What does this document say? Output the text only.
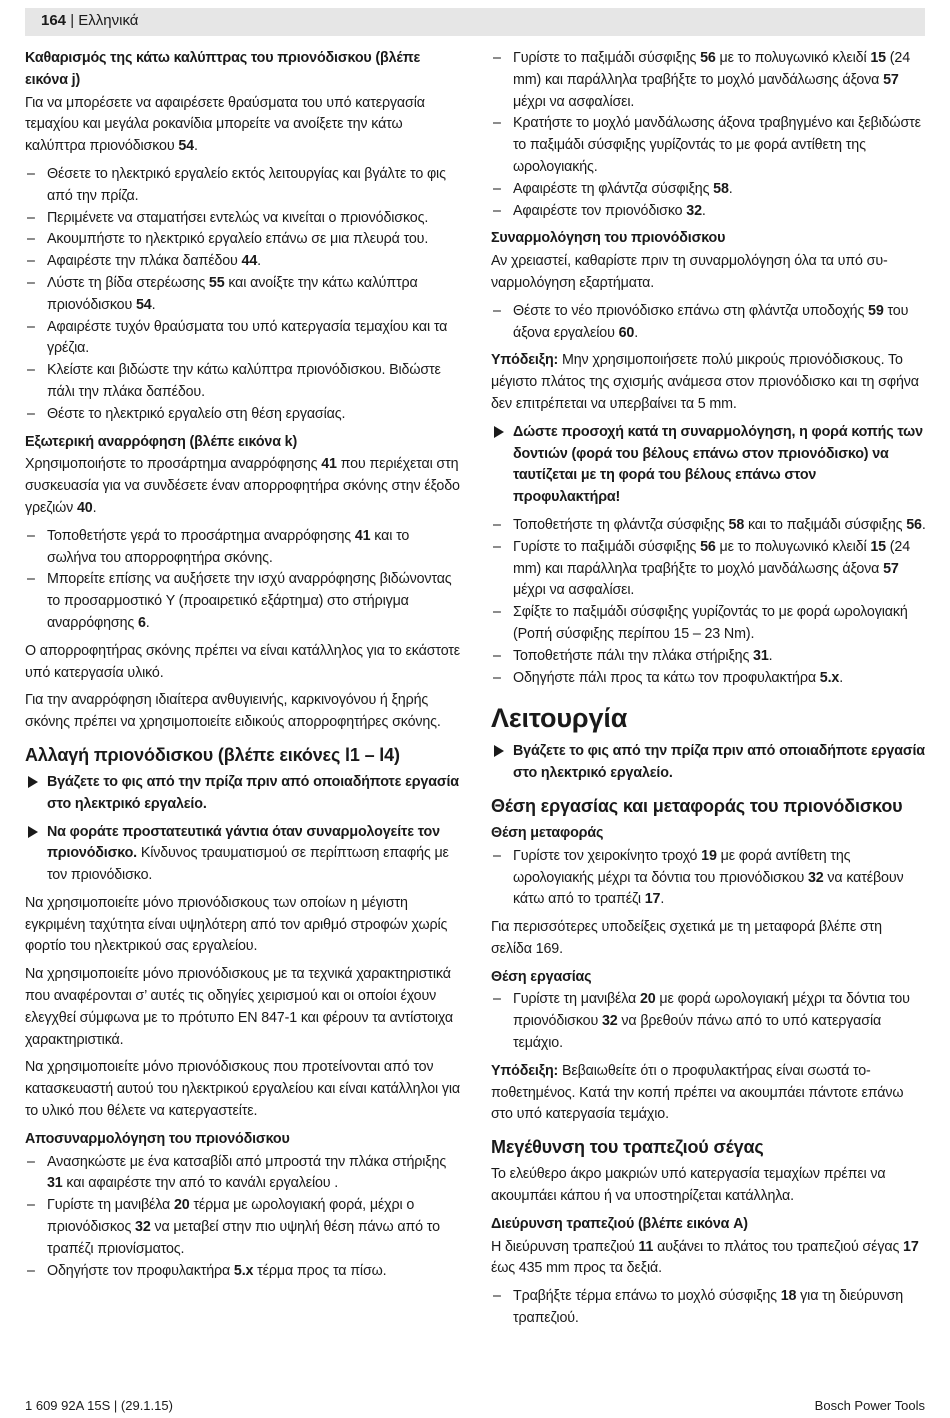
164 | Ελληνικά

Καθαρισμός της κάτω καλύπτρας του πριονόδισκου (βλέπε εικόνα j)

Για να μπορέσετε να αφαιρέσετε θραύσματα του υπό κατεργασία τεμαχίου και μεγάλα ροκανίδια μπορείτε να ανοίξετε την κάτω καλύπτρα πριονόδισκου 54.

– Θέσετε το ηλεκτρικό εργαλείο εκτός λειτουργίας και βγάλτε το φις από την πρίζα.
– Περιμένετε να σταματήσει εντελώς να κινείται ο πριονόδισκος.
– Ακουμπήστε το ηλεκτρικό εργαλείο επάνω σε μια πλευρά του.
– Αφαιρέστε την πλάκα δαπέδου 44.
– Λύστε τη βίδα στερέωσης 55 και ανοίξτε την κάτω καλύπτρα πριονόδισκου 54.
– Αφαιρέστε τυχόν θραύσματα του υπό κατεργασία τεμαχίου και τα γρέζια.
– Κλείστε και βιδώστε την κάτω καλύπτρα πριονόδισκου. Βιδώστε πάλι την πλάκα δαπέδου.
– Θέστε το ηλεκτρικό εργαλείο στη θέση εργασίας.

Εξωτερική αναρρόφηση (βλέπε εικόνα k)

Χρησιμοποιήστε το προσάρτημα αναρρόφησης 41 που περιέχεται στη συσκευασία για να συνδέσετε έναν απορροφητήρα σκόνης στην έξοδο γρεζιών 40.

– Τοποθετήστε γερά το προσάρτημα αναρρόφησης 41 και το σωλήνα του απορροφητήρα σκόνης.
– Μπορείτε επίσης να αυξήσετε την ισχύ αναρρόφησης βιδώνοντας το προσαρμοστικό Y (προαιρετικό εξάρτημα) στο στήριγμα αναρρόφησης 6.

Ο απορροφητήρας σκόνης πρέπει να είναι κατάλληλος για το εκάστοτε υπό κατεργασία υλικό.

Για την αναρρόφηση ιδιαίτερα ανθυγιεινής, καρκινογόνου ή ξηρής σκόνης πρέπει να χρησιμοποιείτε ειδικούς απορροφητήρες σκόνης.

Αλλαγή πριονόδισκου (βλέπε εικόνες l1 – l4)

Βγάζετε το φις από την πρίζα πριν από οποιαδήποτε εργασία στο ηλεκτρικό εργαλείο.
Να φοράτε προστατευτικά γάντια όταν συναρμολογείτε τον πριονόδισκο. Κίνδυνος τραυματισμού σε περίπτωση επαφής με τον πριονόδισκο.

Να χρησιμοποιείτε μόνο πριονόδισκους των οποίων η μέγιστη εγκριμένη ταχύτητα είναι υψηλότερη από τον αριθμό στροφών χωρίς φορτίο του ηλεκτρικού σας εργαλείου.

Να χρησιμοποιείτε μόνο πριονόδισκους με τα τεχνικά χαρακτηριστικά που αναφέρονται σ’ αυτές τις οδηγίες χειρισμού και οι οποίοι έχουν ελεγχθεί σύμφωνα με το πρότυπο EN 847-1 και φέρουν τα αντίστοιχα χαρακτηριστικά.

Να χρησιμοποιείτε μόνο πριονόδισκους που προτείνονται από τον κατασκευαστή αυτού του ηλεκτρικού εργαλείου και είναι κατάλληλοι για το υλικό που θέλετε να κατεργαστείτε.

Αποσυναρμολόγηση του πριονόδισκου

– Ανασηκώστε με ένα κατσαβίδι από μπροστά την πλάκα στήριξης 31 και αφαιρέστε την από το κανάλι εργαλείου .
– Γυρίστε τη μανιβέλα 20 τέρμα με ωρολογιακή φορά, μέχρι ο πριονόδισκος 32 να μεταβεί στην πιο υψηλή θέση πάνω από το τραπέζι πριονίσματος.
– Οδηγήστε τον προφυλακτήρα 5.x τέρμα προς τα πίσω.
– Γυρίστε το παξιμάδι σύσφιξης 56 με το πολυγωνικό κλειδί 15 (24 mm) και παράλληλα τραβήξτε το μοχλό μανδάλωσης άξονα 57 μέχρι να ασφαλίσει.
– Κρατήστε το μοχλό μανδάλωσης άξονα τραβηγμένο και ξεβιδώστε το παξιμάδι σύσφιξης γυρίζοντάς το με φορά αντίθετη της ωρολογιακής.
– Αφαιρέστε τη φλάντζα σύσφιξης 58.
– Αφαιρέστε τον πριονόδισκο 32.

Συναρμολόγηση του πριονόδισκου

Αν χρειαστεί, καθαρίστε πριν τη συναρμολόγηση όλα τα υπό συναρμολόγηση εξαρτήματα.

– Θέστε το νέο πριονόδισκο επάνω στη φλάντζα υποδοχής 59 του άξονα εργαλείου 60.

Υπόδειξη: Μην χρησιμοποιήσετε πολύ μικρούς πριονόδισκους. Το μέγιστο πλάτος της σχισμής ανάμεσα στον πριονόδισκο και τη σφήνα δεν επιτρέπεται να υπερβαίνει τα 5 mm.

Δώστε προσοχή κατά τη συναρμολόγηση, η φορά κοπής των δοντιών (φορά του βέλους επάνω στον πριονόδισκο) να ταυτίζεται με τη φορά του βέλους επάνω στον προφυλακτήρα!
– Τοποθετήστε τη φλάντζα σύσφιξης 58 και το παξιμάδι σύσφιξης 56.
– Γυρίστε το παξιμάδι σύσφιξης 56 με το πολυγωνικό κλειδί 15 (24 mm) και παράλληλα τραβήξτε το μοχλό μανδάλωσης άξονα 57 μέχρι να ασφαλίσει.
– Σφίξτε το παξιμάδι σύσφιξης γυρίζοντάς το με φορά ωρολογιακή (Ροπή σύσφιξης περίπου 15 – 23 Nm).
– Τοποθετήστε πάλι την πλάκα στήριξης 31.
– Οδηγήστε πάλι προς τα κάτω τον προφυλακτήρα 5.x.

Λειτουργία

Βγάζετε το φις από την πρίζα πριν από οποιαδήποτε εργασία στο ηλεκτρικό εργαλείο.

Θέση εργασίας και μεταφοράς του πριονόδισκου

Θέση μεταφοράς

– Γυρίστε τον χειροκίνητο τροχό 19 με φορά αντίθετη της ωρολογιακής μέχρι τα δόντια του πριονόδισκου 32 να κατέβουν κάτω από το τραπέζι 17.

Για περισσότερες υποδείξεις σχετικά με τη μεταφορά βλέπε στη σελίδα 169.

Θέση εργασίας

– Γυρίστε τη μανιβέλα 20 με φορά ωρολογιακή μέχρι τα δόντια του πριονόδισκου 32 να βρεθούν πάνω από το υπό κατεργασία τεμάχιο.

Υπόδειξη: Βεβαιωθείτε ότι ο προφυλακτήρας είναι σωστά τοποθετημένος. Κατά την κοπή πρέπει να ακουμπάει πάντοτε επάνω στο υπό κατεργασία τεμάχιο.

Μεγέθυνση του τραπεζιού σέγας

Το ελεύθερο άκρο μακριών υπό κατεργασία τεμαχίων πρέπει να ακουμπάει κάπου ή να υποστηρίζεται κατάλληλα.

Διεύρυνση τραπεζιού (βλέπε εικόνα A)

Η διεύρυνση τραπεζιού 11 αυξάνει το πλάτος του τραπεζιού σέγας 17 έως 435 mm προς τα δεξιά.

– Τραβήξτε τέρμα επάνω το μοχλό σύσφιξης 18 για τη διεύρυνση τραπεζιού.
1 609 92A 15S | (29.1.15)	Bosch Power Tools
